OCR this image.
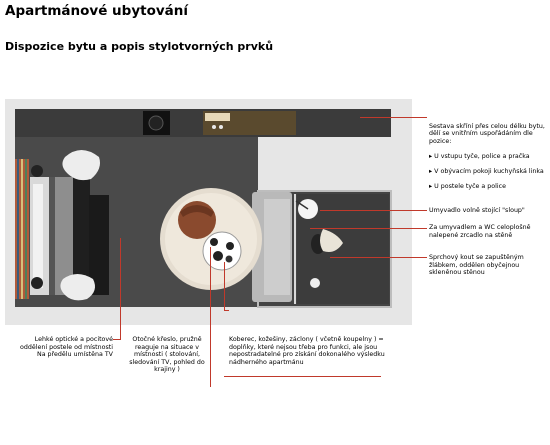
Apartmánové ubytování
Dispozice bytu a popis stylotvorných prvků

Sestava skříní přes celou délku bytu,
dělí se vnitřním uspořádáním dle pozice:

▸ U vstupu tyče, police a pračka

▸ V obývacím pokoji kuchyňská linka

▸ U postele tyče a police

Umyvadlo volně stojící "sloup"
Za umyvadlem a WC celoplošně nalepené zrcadlo na stěně
Sprchový kout se zapuštěným žlábkem, oddělen obyčejnou skleněnou stěnou
Lehké optické a pocitové oddělení postele od místnosti
Na předělu umístěna TV
Otočné křeslo, pružně reaguje na situace v místnosti ( stolování, sledování TV, pohled do krajiny )
Koberec, kožešiny, záclony ( včetně koupelny ) = doplňky, které nejsou třeba pro funkci, ale jsou nepostradatelné pro získání dokonalého výsledku nádherného apartmánu
